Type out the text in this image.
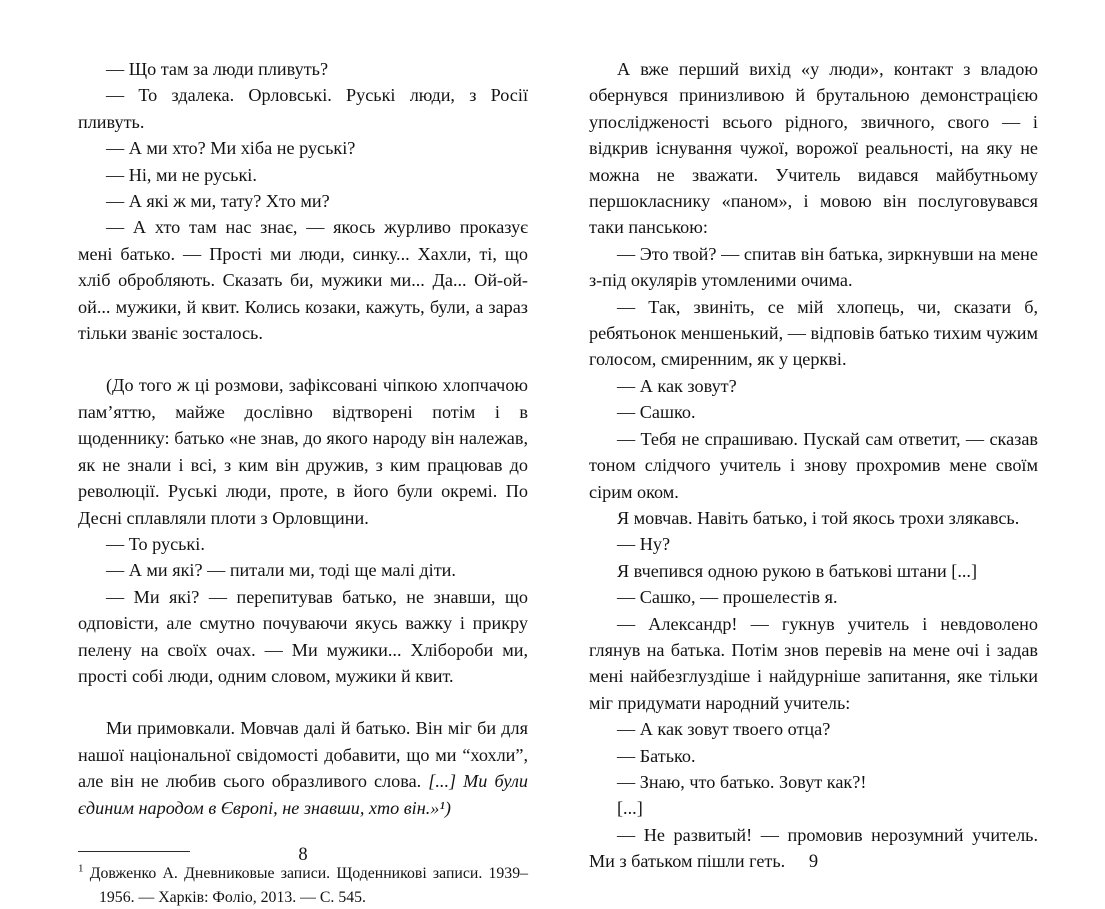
— Що там за люди пливуть?

— То здалека. Орловські. Руські люди, з Росії пливуть.

— А ми хто? Ми хіба не руські?

— Ні, ми не руські.

— А які ж ми, тату? Хто ми?

— А хто там нас знає, — якось журливо проказує мені батько. — Прості ми люди, синку... Хахли, ті, що хліб обробляють. Сказать би, мужики ми... Да... Ой-ой-ой... мужики, й квит. Колись козаки, кажуть, були, а зараз тільки званіє зосталось.

(До того ж ці розмови, зафіксовані чіпкою хлопчачою пам’яттю, майже дослівно відтворені потім і в щоденнику: батько «не знав, до якого народу він належав, як не знали і всі, з ким він дружив, з ким працював до революції. Руські люди, проте, в його були окремі. По Десні сплавляли плоти з Орловщини.

— То руські.

— А ми які? — питали ми, тоді ще малі діти.

— Ми які? — перепитував батько, не знавши, що одповісти, але смутно почуваючи якусь важку і прикру пелену на своїх очах. — Ми мужики... Хлібороби ми, прості собі люди, одним словом, мужики й квит.

Ми примовкали. Мовчав далі й батько. Він міг би для нашої національної свідомості добавити, що ми “хохли”, але він не любив сього образливого слова. [...] Ми були єдиним народом в Європі, не знавши, хто він.»¹)

$^1$ Довженко А. Дневниковые записи. Щоденникові записи. 1939–1956. — Харків: Фоліо, 2013. — С. 545.

А вже перший вихід «у люди», контакт з владою обернувся принизливою й брутальною демонстрацією упослідженості всього рідного, звичного, свого — і відкрив існування чужої, ворожої реальності, на яку не можна не зважати. Учитель видався майбутньому першокласнику «паном», і мовою він послуговувався таки панською:

— Это твой? — спитав він батька, зиркнувши на мене з-під окулярів утомленими очима.

— Так, звиніть, се мій хлопець, чи, сказати б, ребятьонок меншенький, — відповів батько тихим чужим голосом, смиренним, як у церкві.

— А как зовут?

— Сашко.

— Тебя не спрашиваю. Пускай сам ответит, — сказав тоном слідчого учитель і знову прохромив мене своїм сірим оком.

Я мовчав. Навіть батько, і той якось трохи злякавсь.

— Ну?

Я вчепився одною рукою в батькові штани [...]

— Сашко, — прошелестів я.

— Александр! — гукнув учитель і невдоволено глянув на батька. Потім знов перевів на мене очі і задав мені найбезглуздіше і найдурніше запитання, яке тільки міг придумати народний учитель:

— А как зовут твоего отца?

— Батько.

— Знаю, что батько. Зовут как?!

[...]

— Не развитый! — промовив нерозумний учитель. Ми з батьком пішли геть.

8	9
